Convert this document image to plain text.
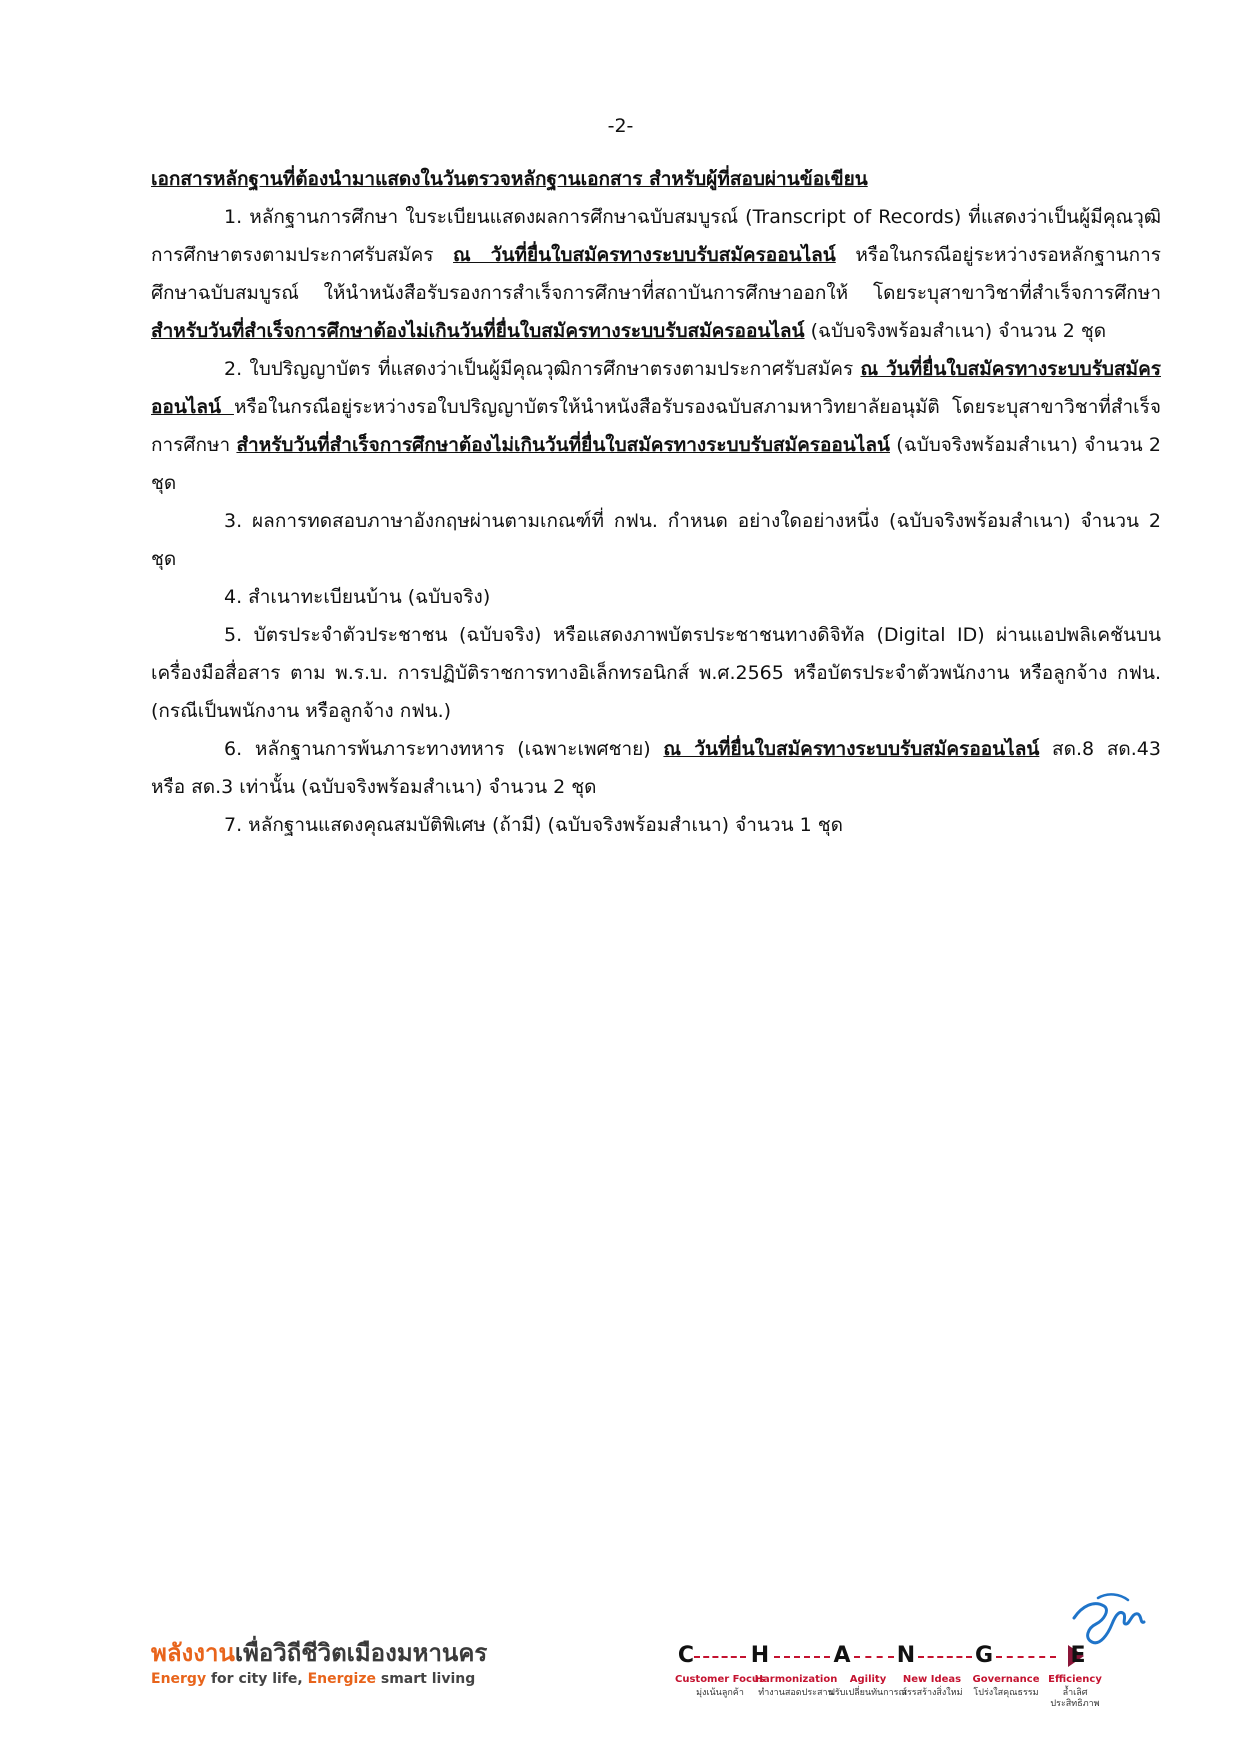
-2-

เอกสารหลักฐานที่ต้องนำมาแสดงในวันตรวจหลักฐานเอกสาร สำหรับผู้ที่สอบผ่านข้อเขียน

1. หลักฐานการศึกษา ใบระเบียนแสดงผลการศึกษาฉบับสมบูรณ์ (Transcript of Records) ที่แสดงว่าเป็นผู้มีคุณวุฒิการศึกษาตรงตามประกาศรับสมัคร ณ วันที่ยื่นใบสมัครทางระบบรับสมัครออนไลน์ หรือในกรณีอยู่ระหว่างรอหลักฐานการศึกษาฉบับสมบูรณ์ ให้นำหนังสือรับรองการสำเร็จการศึกษาที่สถาบันการศึกษาออกให้ โดยระบุสาขาวิชาที่สำเร็จการศึกษา สำหรับวันที่สำเร็จการศึกษาต้องไม่เกินวันที่ยื่นใบสมัครทางระบบรับสมัครออนไลน์ (ฉบับจริงพร้อมสำเนา) จำนวน 2 ชุด

2. ใบปริญญาบัตร ที่แสดงว่าเป็นผู้มีคุณวุฒิการศึกษาตรงตามประกาศรับสมัคร ณ วันที่ยื่นใบสมัครทางระบบรับสมัครออนไลน์ หรือในกรณีอยู่ระหว่างรอใบปริญญาบัตรให้นำหนังสือรับรองฉบับสภามหาวิทยาลัยอนุมัติ โดยระบุสาขาวิชาที่สำเร็จการศึกษา สำหรับวันที่สำเร็จการศึกษาต้องไม่เกินวันที่ยื่นใบสมัครทางระบบรับสมัครออนไลน์ (ฉบับจริงพร้อมสำเนา) จำนวน 2 ชุด

3. ผลการทดสอบภาษาอังกฤษผ่านตามเกณฑ์ที่ กฟน. กำหนด อย่างใดอย่างหนึ่ง (ฉบับจริงพร้อมสำเนา) จำนวน 2 ชุด

4. สำเนาทะเบียนบ้าน (ฉบับจริง)

5. บัตรประจำตัวประชาชน (ฉบับจริง) หรือแสดงภาพบัตรประชาชนทางดิจิทัล (Digital ID) ผ่านแอปพลิเคชันบนเครื่องมือสื่อสาร ตาม พ.ร.บ. การปฏิบัติราชการทางอิเล็กทรอนิกส์ พ.ศ.2565 หรือบัตรประจำตัวพนักงาน หรือลูกจ้าง กฟน. (กรณีเป็นพนักงาน หรือลูกจ้าง กฟน.)

6. หลักฐานการพ้นภาระทางทหาร (เฉพาะเพศชาย) ณ วันที่ยื่นใบสมัครทางระบบรับสมัครออนไลน์ สด.8 สด.43 หรือ สด.3 เท่านั้น (ฉบับจริงพร้อมสำเนา) จำนวน 2 ชุด

7. หลักฐานแสดงคุณสมบัติพิเศษ (ถ้ามี) (ฉบับจริงพร้อมสำเนา) จำนวน 1 ชุด

พลังงานเพื่อวิถีชีวิตเมืองมหานคร
Energy for city life, Energize smart living
C	H	A N	G	E
Customer Focus
มุ่งเน้นลูกค้า
Harmonization
ทำงานสอดประสาน
Agility
ปรับเปลี่ยนทันการณ์
New Ideas
สรรสร้างสิ่งใหม่
Governance
โปร่งใสคุณธรรม
Efficiency
ล้ำเลิศประสิทธิภาพ
